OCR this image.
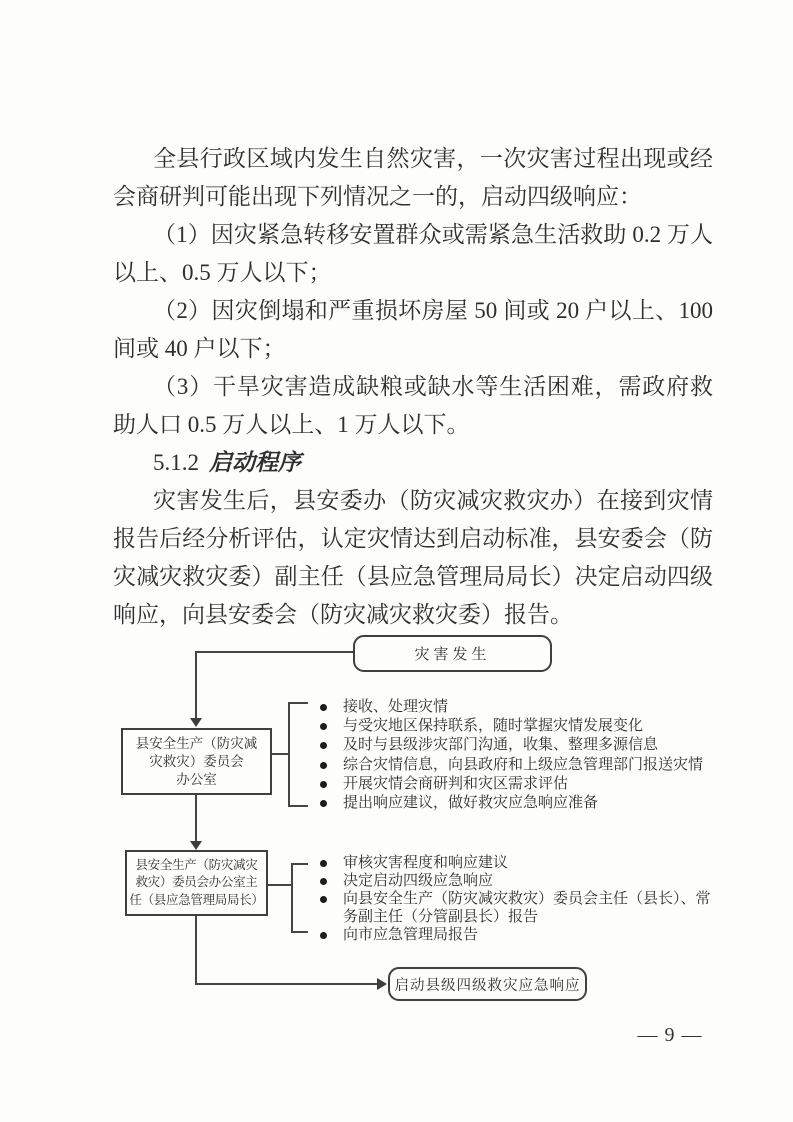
全县行政区域内发生自然灾害，一次灾害过程出现或经会商研判可能出现下列情况之一的，启动四级响应：

（1）因灾紧急转移安置群众或需紧急生活救助 0.2 万人以上、0.5 万人以下；

（2）因灾倒塌和严重损坏房屋 50 间或 20 户以上、100 间或 40 户以下；

（3）干旱灾害造成缺粮或缺水等生活困难，需政府救助人口 0.5 万人以上、1 万人以下。

5.1.2 启动程序

灾害发生后，县安委办（防灾减灾救灾办）在接到灾情报告后经分析评估，认定灾情达到启动标准，县安委会（防灾减灾救灾委）副主任（县应急管理局局长）决定启动四级响应，向县安委会（防灾减灾救灾委）报告。

灾害发生
县安全生产（防灾减
灾救灾）委员会
办公室
接收、处理灾情
与受灾地区保持联系，随时掌握灾情发展变化
及时与县级涉灾部门沟通，收集、整理多源信息
综合灾情信息，向县政府和上级应急管理部门报送灾情
开展灾情会商研判和灾区需求评估
提出响应建议，做好救灾应急响应准备
县安全生产（防灾减灾
救灾）委员会办公室主
任（县应急管理局局长）
审核灾害程度和响应建议
决定启动四级应急响应
向县安全生产（防灾减灾救灾）委员会主任（县长）、常
务副主任（分管副县长）报告
向市应急管理局报告
启动县级四级救灾应急响应
— 9 —
